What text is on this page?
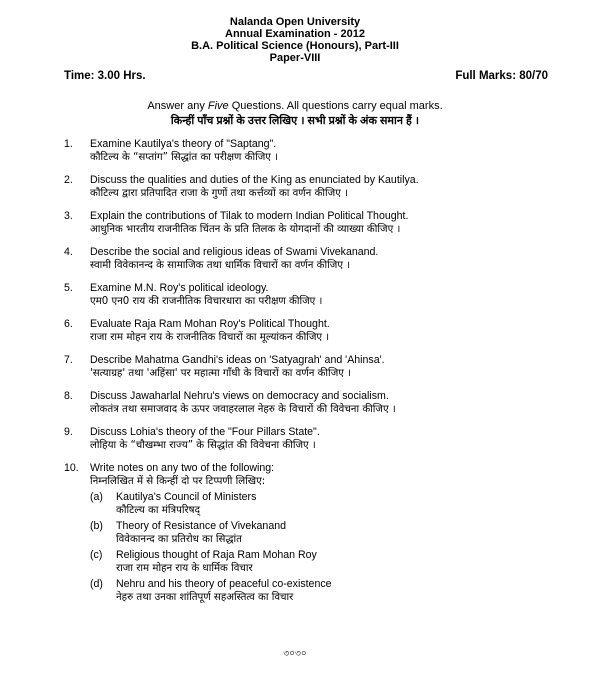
Nalanda Open University
Annual Examination - 2012
B.A. Political Science (Honours), Part-III
Paper-VIII
Time: 3.00 Hrs.	Full Marks: 80/70
Answer any Five Questions. All questions carry equal marks.
किन्हीं पाँच प्रश्नों के उत्तर लिखिए । सभी प्रश्नों के अंक समान हैं ।
1. Examine Kautilya's theory of "Saptang".
कौटिल्य के “सप्तांग” सिद्धांत का परीक्षण कीजिए ।
2. Discuss the qualities and duties of the King as enunciated by Kautilya.
कौटिल्य द्वारा प्रतिपादित राजा के गुणों तथा कर्त्तव्यों का वर्णन कीजिए ।
3. Explain the contributions of Tilak to modern Indian Political Thought.
आधुनिक भारतीय राजनीतिक चिंतन के प्रति तिलक के योगदानों की व्याख्या कीजिए ।
4. Describe the social and religious ideas of Swami Vivekanand.
स्वामी विवेकानन्द के सामाजिक तथा धार्मिक विचारों का वर्णन कीजिए ।
5. Examine M.N. Roy's political ideology.
एम0 एन0 राय की राजनीतिक विचारधारा का परीक्षण कीजिए ।
6. Evaluate Raja Ram Mohan Roy's Political Thought.
राजा राम मोहन राय के राजनीतिक विचारों का मूल्यांकन कीजिए ।
7. Describe Mahatma Gandhi's ideas on 'Satyagrah' and 'Ahinsa'.
'सत्याग्रह' तथा 'अहिंसा' पर महात्मा गाँधी के विचारों का वर्णन कीजिए ।
8. Discuss Jawaharlal Nehru's views on democracy and socialism.
लोकतंत्र तथा समाजवाद के ऊपर जवाहरलाल नेहरु के विचारों की विवेचना कीजिए ।
9. Discuss Lohia's theory of the "Four Pillars State".
लोहिया के “चौखम्भा राज्य” के सिद्धांत की विवेचना कीजिए ।
10. Write notes on any two of the following:
निम्नलिखित में से किन्हीं दो पर टिप्पणी लिखिए:
(a) Kautilya's Council of Ministers
कौटिल्य का मंत्रिपरिषद्
(b) Theory of Resistance of Vivekanand
विवेकानन्द का प्रतिरोध का सिद्धांत
(c) Religious thought of Raja Ram Mohan Roy
राजा राम मोहन राय के धार्मिक विचार
(d) Nehru and his theory of peaceful co-existence
नेहरु तथा उनका शांतिपूर्ण सहअस्तित्व का विचार
৩০৩০
